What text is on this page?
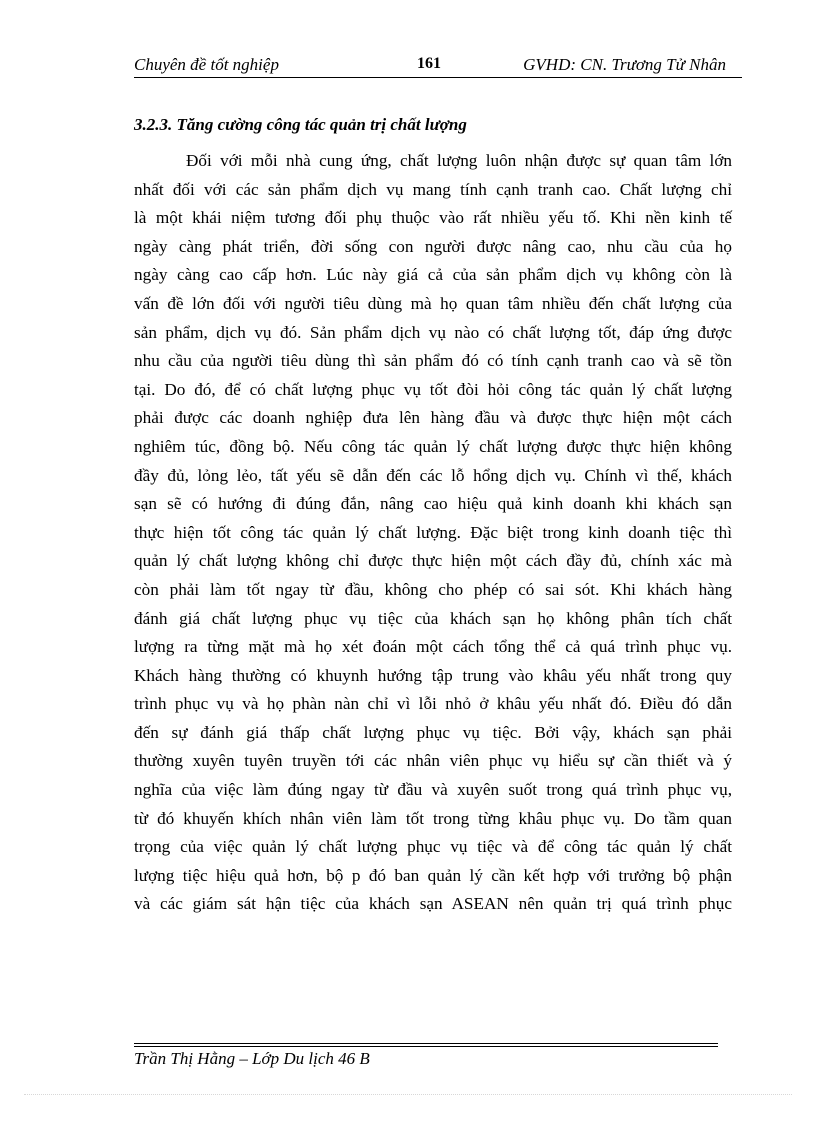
Chuyên đề tốt nghiệp	161	GVHD: CN. Trương Tử Nhân
3.2.3. Tăng cường công tác quản trị chất lượng
Đối với mỗi nhà cung ứng, chất lượng luôn nhận được sự quan tâm lớn
nhất đối với các sản phẩm dịch vụ mang tính cạnh tranh cao. Chất lượng chỉ
là một khái niệm tương đối phụ thuộc vào rất nhiều yếu tố. Khi nền kinh tế
ngày càng phát triển, đời sống con người được nâng cao, nhu cầu của họ
ngày càng cao cấp hơn. Lúc này giá cả của sản phẩm dịch vụ không còn là
vấn đề lớn đối với người tiêu dùng mà họ quan tâm nhiều đến chất lượng của
sản phẩm, dịch vụ đó. Sản phẩm dịch vụ nào có chất lượng tốt, đáp ứng được
nhu cầu của người tiêu dùng thì sản phẩm đó có tính cạnh tranh cao và sẽ tồn
tại. Do đó, để có chất lượng phục vụ tốt đòi hỏi công tác quản lý chất lượng
phải được các doanh nghiệp đưa lên hàng đầu và được thực hiện một cách
nghiêm túc, đồng bộ. Nếu công tác quản lý chất lượng được thực hiện không
đầy đủ, lỏng lẻo, tất yếu sẽ dẫn đến các lỗ hổng dịch vụ. Chính vì thế, khách
sạn sẽ có hướng đi đúng đắn, nâng cao hiệu quả kinh doanh khi khách sạn
thực hiện tốt công tác quản lý chất lượng. Đặc biệt trong kinh doanh tiệc thì
quản lý chất lượng không chỉ được thực hiện một cách đầy đủ, chính xác mà
còn phải làm tốt ngay từ đầu, không cho phép có sai sót. Khi khách hàng
đánh giá chất lượng phục vụ tiệc của khách sạn họ không phân tích chất
lượng ra từng mặt mà họ xét đoán một cách tổng thể cả quá trình phục vụ.
Khách hàng thường có khuynh hướng tập trung vào khâu yếu nhất trong quy
trình phục vụ và họ phàn nàn chỉ vì lỗi nhỏ ở khâu yếu nhất đó. Điều đó dẫn
đến sự đánh giá thấp chất lượng phục vụ tiệc. Bởi vậy, khách sạn phải
thường xuyên tuyên truyền tới các nhân viên phục vụ hiểu sự cần thiết và ý
nghĩa của việc làm đúng ngay từ đầu và xuyên suốt trong quá trình phục vụ,
từ đó khuyến khích nhân viên làm tốt trong từng khâu phục vụ. Do tầm quan
trọng của việc quản lý chất lượng phục vụ tiệc và để công tác quản lý chất
lượng tiệc hiệu quả hơn, bộ p đó ban quản lý cần kết hợp với trưởng bộ phận
và các giám sát hận tiệc của khách sạn ASEAN nên quản trị quá trình phục
Trần Thị Hằng – Lớp Du lịch 46 B
